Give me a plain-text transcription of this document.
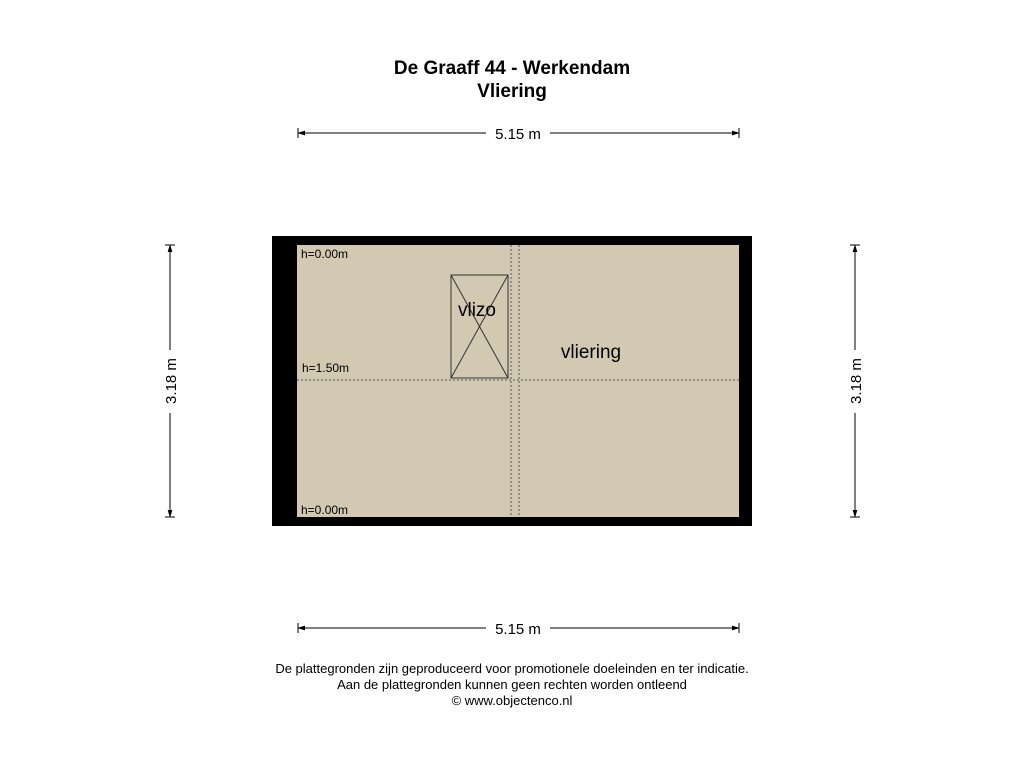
De Graaff 44 - Werkendam
Vliering
5.15 m
5.15 m
3.18 m	3.18 m
vlizo
vliering
h=0.00m
h=1.50m
h=0.00m
De plattegronden zijn geproduceerd voor promotionele doeleinden en ter indicatie.
Aan de plattegronden kunnen geen rechten worden ontleend
© www.objectenco.nl
